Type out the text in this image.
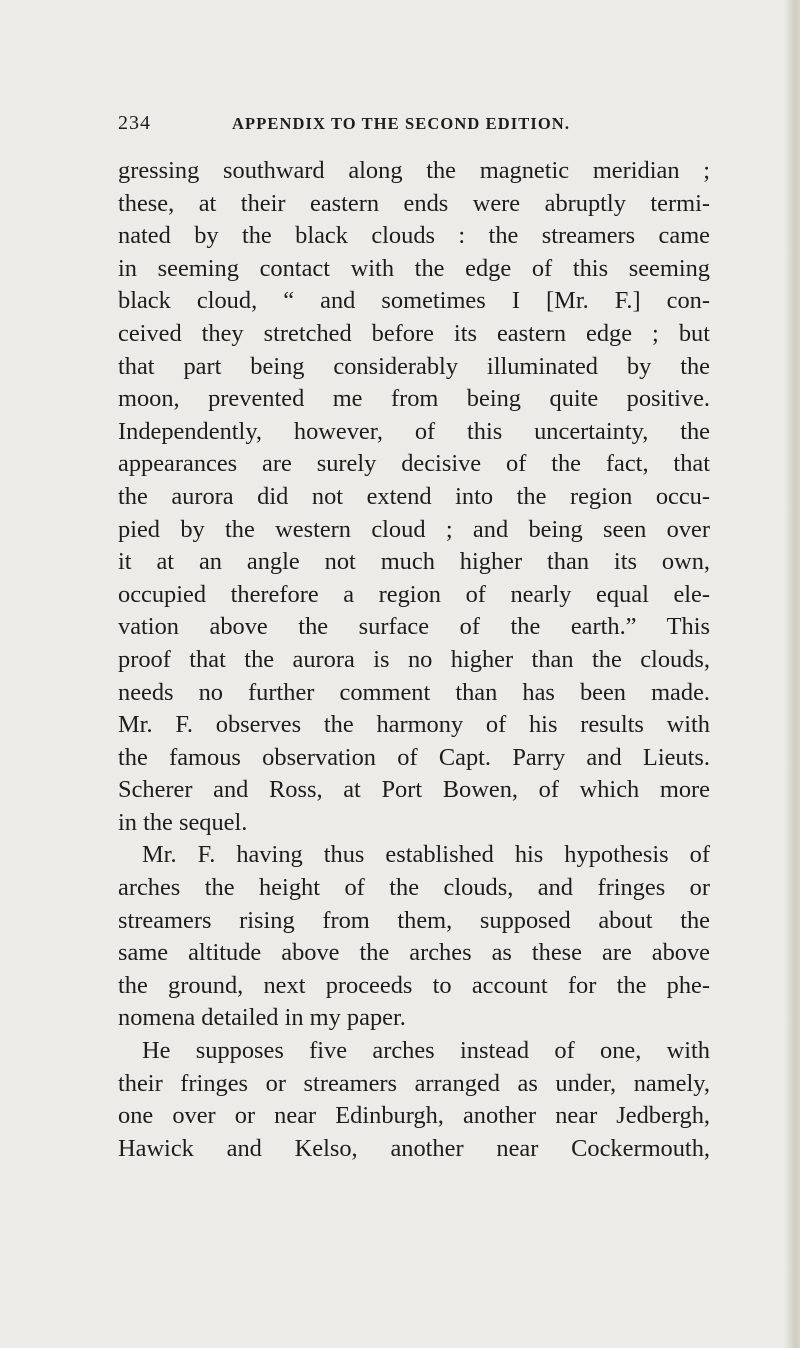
234	APPENDIX TO THE SECOND EDITION.
gressing southward along the magnetic meridian ;
these, at their eastern ends were abruptly termi-
nated by the black clouds : the streamers came
in seeming contact with the edge of this seeming
black cloud, “ and sometimes I [Mr. F.] con-
ceived they stretched before its eastern edge ; but
that part being considerably illuminated by the
moon, prevented me from being quite positive.
Independently, however, of this uncertainty, the
appearances are surely decisive of the fact, that
the aurora did not extend into the region occu-
pied by the western cloud ; and being seen over
it at an angle not much higher than its own,
occupied therefore a region of nearly equal ele-
vation above the surface of the earth.” This
proof that the aurora is no higher than the clouds,
needs no further comment than has been made.
Mr. F. observes the harmony of his results with
the famous observation of Capt. Parry and Lieuts.
Scherer and Ross, at Port Bowen, of which more
in the sequel.
Mr. F. having thus established his hypothesis of
arches the height of the clouds, and fringes or
streamers rising from them, supposed about the
same altitude above the arches as these are above
the ground, next proceeds to account for the phe-
nomena detailed in my paper.
He supposes five arches instead of one, with
their fringes or streamers arranged as under, namely,
one over or near Edinburgh, another near Jedbergh,
Hawick and Kelso, another near Cockermouth,
